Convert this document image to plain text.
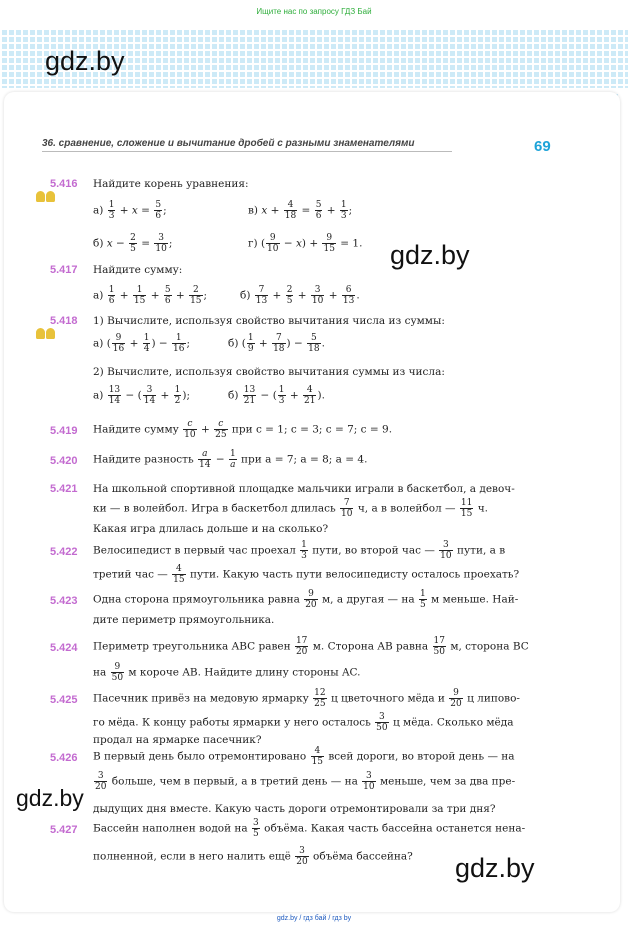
Ищите нас по запросу ГДЗ Бай
gdz.by
gdz.by
gdz.by
gdz.by
36. сравнение, сложение и вычитание дробей с разными знаменателями	69
5.416 Найдите корень уравнения:
$а) \frac{1}{3} + x = \frac{5}{6}$ ;	в) $x + \frac{4}{18} = \frac{5}{6} + \frac{1}{3}$ ;
б) $x - \frac{2}{5} = \frac{3}{10}$ ;	г) ( $\frac{9}{10} - x) + \frac{9}{15} = 1$.
5.417 Найдите сумму:
$а) \frac{1}{6} + \frac{1}{15} + \frac{5}{6} + \frac{2}{15}$ ;	$б) \frac{7}{13} + \frac{2}{5} + \frac{3}{10} + \frac{6}{13}$ .
5.418 1) Вычислите, используя свойство вычитания числа из суммы:
а) ( $\frac{9}{16} + \frac{1}{4}$ ) − $\frac{1}{16}$ ;	б) ( $\frac{1}{9} + \frac{7}{18}$ ) − $\frac{5}{18}$ .
2) Вычислите, используя свойство вычитания суммы из числа:
$а) \frac{13}{14}$ − ( $\frac{3}{14} + \frac{1}{2}$ );	$б) \frac{13}{21}$ − ( $\frac{1}{3} + \frac{4}{21}$ ).
5.419 Найдите сумму $\frac{c}{10} + \frac{c}{25}$ при c = 1; c = 3; c = 7; c = 9.
5.420 Найдите разность $\frac{a}{14} - \frac{1}{a}$ при a = 7; a = 8; a = 4.
5.421 На школьной спортивной площадке мальчики играли в баскетбол, а девоч-
ки — в волейбол. Игра в баскетбол длилась $\frac{7}{10} ч$, а в волейбол — $\frac{11}{15} ч$.
Какая игра длилась дольше и на сколько?
5.422 Велосипедист в первый час проехал $\frac{1}{3}$ пути, во второй час — $\frac{3}{10}$ пути, а в
третий час — $\frac{4}{15}$ пути. Какую часть пути велосипедисту осталось проехать?
5.423 Одна сторона прямоугольника равна $\frac{9}{20} м$, а другая — на $\frac{1}{5}$ м меньше. Най-
дите периметр прямоугольника.
5.424 Периметр треугольника ABC равен $\frac{17}{20} м$. Сторона AB равна $\frac{17}{50} м$, сторона BC
на $\frac{9}{50}$ м короче AB. Найдите длину стороны AC.
5.425 Пасечник привёз на медовую ярмарку $\frac{12}{25}$ ц цветочного мёда и $\frac{9}{20}$ ц липово-
го мёда. К концу работы ярмарки у него осталось $\frac{3}{50}$ ц мёда. Сколько мёда
продал на ярмарке пасечник?
5.426 В первый день было отремонтировано $\frac{4}{15}$ всей дороги, во второй день — на
$\frac{3}{20}$ больше, чем в первый, а в третий день — на $\frac{3}{10}$ меньше, чем за два пре-
дыдущих дня вместе. Какую часть дороги отремонтировали за три дня?
5.427 Бассейн наполнен водой на $\frac{3}{5}$ объёма. Какая часть бассейна останется нена-
полненной, если в него налить ещё $\frac{3}{20}$ объёма бассейна?
gdz.by / гдз бай / гдз by
